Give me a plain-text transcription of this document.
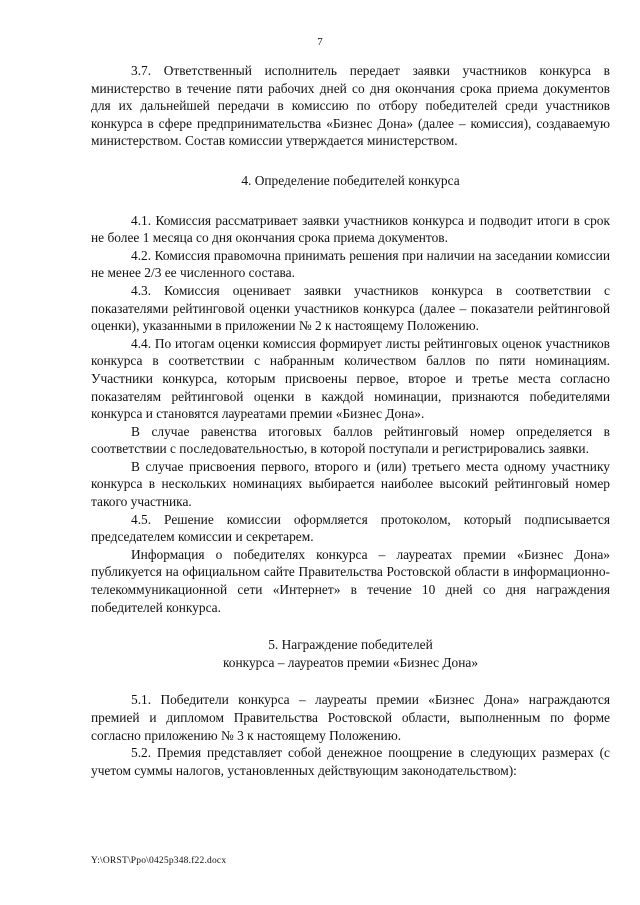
7

3.7. Ответственный исполнитель передает заявки участников конкурса в министерство в течение пяти рабочих дней со дня окончания срока приема документов для их дальнейшей передачи в комиссию по отбору победителей среди участников конкурса в сфере предпринимательства «Бизнес Дона» (далее – комиссия), создаваемую министерством. Состав комиссии утверждается министерством.

4. Определение победителей конкурса

4.1. Комиссия рассматривает заявки участников конкурса и подводит итоги в срок не более 1 месяца со дня окончания срока приема документов.

4.2. Комиссия правомочна принимать решения при наличии на заседании комиссии не менее 2/3 ее численного состава.

4.3. Комиссия оценивает заявки участников конкурса в соответствии с показателями рейтинговой оценки участников конкурса (далее – показатели рейтинговой оценки), указанными в приложении № 2 к настоящему Положению.

4.4. По итогам оценки комиссия формирует листы рейтинговых оценок участников конкурса в соответствии с набранным количеством баллов по пяти номинациям. Участники конкурса, которым присвоены первое, второе и третье места согласно показателям рейтинговой оценки в каждой номинации, признаются победителями конкурса и становятся лауреатами премии «Бизнес Дона».

В случае равенства итоговых баллов рейтинговый номер определяется в соответствии с последовательностью, в которой поступали и регистрировались заявки.

В случае присвоения первого, второго и (или) третьего места одному участнику конкурса в нескольких номинациях выбирается наиболее высокий рейтинговый номер такого участника.

4.5. Решение комиссии оформляется протоколом, который подписывается председателем комиссии и секретарем.

Информация о победителях конкурса – лауреатах премии «Бизнес Дона» публикуется на официальном сайте Правительства Ростовской области в информационно-телекоммуникационной сети «Интернет» в течение 10 дней со дня награждения победителей конкурса.

5. Награждение победителей

конкурса – лауреатов премии «Бизнес Дона»

5.1. Победители конкурса – лауреаты премии «Бизнес Дона» награждаются премией и дипломом Правительства Ростовской области, выполненным по форме согласно приложению № 3 к настоящему Положению.

5.2. Премия представляет собой денежное поощрение в следующих размерах (с учетом суммы налогов, установленных действующим законодательством):

Y:\ORST\Ppo\0425p348.f22.docx
